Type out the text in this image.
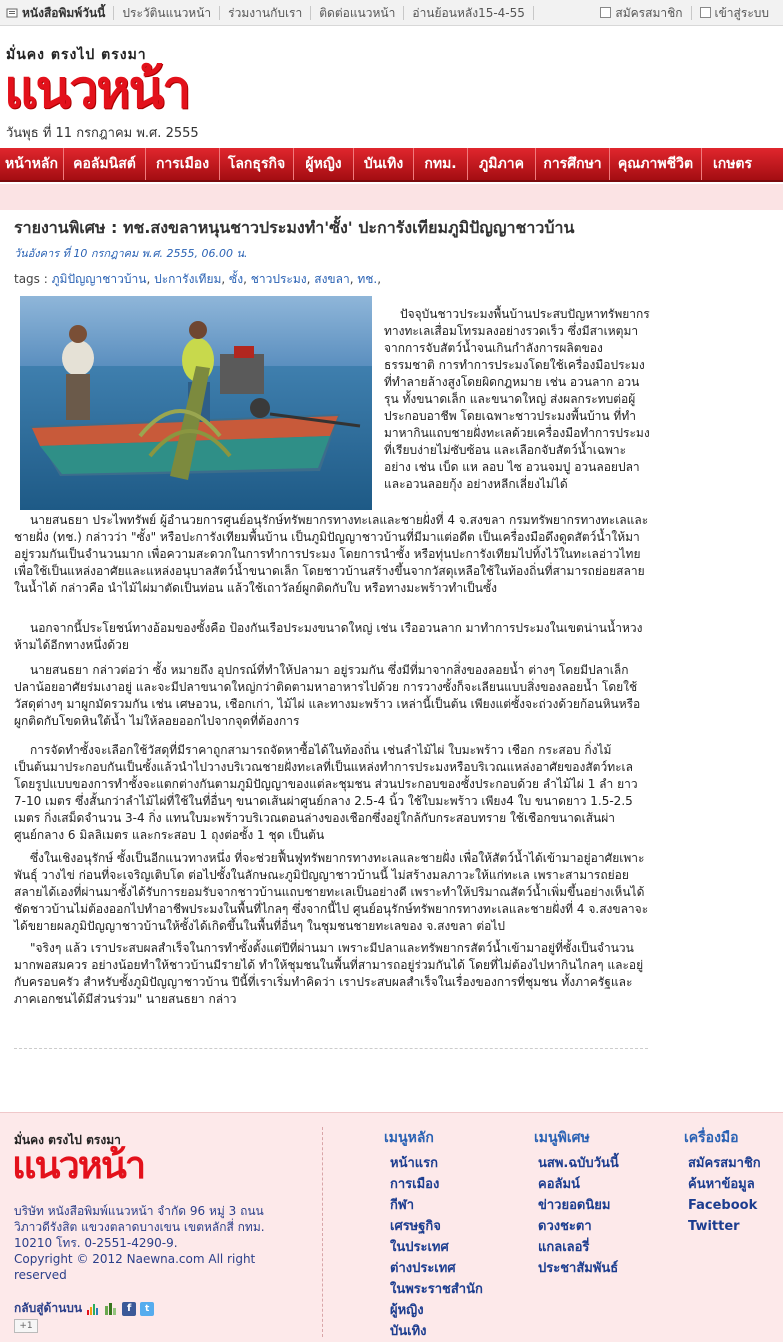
หนังสือพิมพ์วันนี้	ประวัตินแนวหน้า	ร่วมงานกับเรา	ติดต่อแนวหน้า	อ่านย้อนหลัง15-4-55	สมัครสมาชิก	เข้าสู่ระบบ
มั่นคง ตรงไป ตรงมา
แนวหน้า
วันพุธ ที่ 11 กรกฎาคม พ.ศ. 2555
หน้าหลัก	คอลัมนิสต์	การเมือง	โลกธุรกิจ	ผู้หญิง	บันเทิง	กทม.	ภูมิภาค	การศึกษา	คุณภาพชีวิต	เกษตร
รายงานพิเศษ : ทช.สงขลาหนุนชาวประมงทำ'ซั้ง' ปะการังเทียมภูมิปัญญาชาวบ้าน
วันอังคาร ที่ 10 กรกฎาคม พ.ศ. 2555, 06.00 น.
tags : ภูมิปัญญาชาวบ้าน, ปะการังเทียม, ซั้ง, ชาวประมง, สงขลา, ทช.,
ปัจจุบันชาวประมงพื้นบ้านประสบปัญหาทรัพยากรทางทะเลเสื่อมโทรมลงอย่างรวดเร็ว ซึ่งมีสาเหตุมาจากการจับสัตว์น้ำจนเกินกำลังการผลิตของธรรมชาติ การทำการประมงโดยใช้เครื่องมือประมงที่ทำลายล้างสูงโดยผิดกฎหมาย เช่น อวนลาก อวนรุน ทั้งขนาดเล็ก และขนาดใหญ่ ส่งผลกระทบต่อผู้ประกอบอาชีพ โดยเฉพาะชาวประมงพื้นบ้าน ที่ทำมาหากินแถบชายฝั่งทะเลด้วยเครื่องมือทำการประมงที่เรียบง่ายไม่ซับซ้อน และเลือกจับสัตว์น้ำเฉพาะอย่าง เช่น เบ็ด แห ลอบ ไซ อวนจมปู อวนลอยปลา และอวนลอยกุ้ง อย่างหลีกเลี่ยงไม่ได้
นายสนธยา ประไพทรัพย์ ผู้อำนวยการศูนย์อนุรักษ์ทรัพยากรทางทะเลและชายฝั่งที่ 4 จ.สงขลา กรมทรัพยากรทางทะเลและชายฝั่ง (ทช.) กล่าวว่า "ซั้ง" หรือปะการังเทียมพื้นบ้าน เป็นภูมิปัญญาชาวบ้านที่มีมาแต่อดีต เป็นเครื่องมือดึงดูดสัตว์น้ำให้มาอยู่รวมกันเป็นจำนวนมาก เพื่อความสะดวกในการทำการประมง โดยการนำซั้ง หรือทุ่นปะการังเทียมไปทิ้งไว้ในทะเลอ่าวไทยเพื่อใช้เป็นแหล่งอาศัยและแหล่งอนุบาลสัตว์น้ำขนาดเล็ก โดยชาวบ้านสร้างขึ้นจากวัสดุเหลือใช้ในท้องถิ่นที่สามารถย่อยสลายในน้ำได้ กล่าวคือ นำไม้ไผ่มาตัดเป็นท่อน แล้วใช้เถาวัลย์ผูกติดกับใบ หรือทางมะพร้าวทำเป็นซั้ง
นอกจากนี้ประโยชน์ทางอ้อมของซั้งคือ ป้องกันเรือประมงขนาดใหญ่ เช่น เรืออวนลาก มาทำการประมงในเขตน่านน้ำหวงห้ามได้อีกทางหนึ่งด้วย
นายสนธยา กล่าวต่อว่า ซั้ง หมายถึง อุปกรณ์ที่ทำให้ปลามา อยู่รวมกัน ซึ่งมีที่มาจากสิ่งของลอยน้ำ ต่างๆ โดยมีปลาเล็กปลาน้อยอาศัยร่มเงาอยู่ และจะมีปลาขนาดใหญ่กว่าติดตามหาอาหารไปด้วย การวางซั้งก็จะเลียนแบบสิ่งของลอยน้ำ โดยใช้วัสดุต่างๆ มาผูกมัดรวมกัน เช่น เศษอวน, เชือกเก่า, ไม้ไผ่ และทางมะพร้าว เหล่านี้เป็นต้น เพียงแต่ซั้งจะถ่วงด้วยก้อนหินหรือผูกติดกับโขดหินใต้น้ำ ไม่ให้ลอยออกไปจากจุดที่ต้องการ
การจัดทำซั้งจะเลือกใช้วัสดุที่มีราคาถูกสามารถจัดหาซื้อได้ในท้องถิ่น เช่นลำไม้ไผ่ ใบมะพร้าว เชือก กระสอบ กิ่งไม้ เป็นต้นมาประกอบกันเป็นซั้งแล้วนำไปวางบริเวณชายฝั่งทะเลที่เป็นแหล่งทำการประมงหรือบริเวณแหล่งอาศัยของสัตว์ทะเล โดยรูปแบบของการทำซั้งจะแตกต่างกันตามภูมิปัญญาของแต่ละชุมชน ส่วนประกอบของซั้งประกอบด้วย ลำไม้ไผ่ 1 ลำ ยาว 7-10 เมตร ซึ่งสั้นกว่าลำไม้ไผ่ที่ใช้ในที่อื่นๆ ขนาดเส้นผ่าศูนย์กลาง 2.5-4 นิ้ว ใช้ใบมะพร้าว เพียง4 ใบ ขนาดยาว 1.5-2.5 เมตร กิ่งเสม็ดจำนวน 3-4 กิ่ง แทนใบมะพร้าวบริเวณตอนล่างของเชือกซึ่งอยู่ใกล้กับกระสอบทราย ใช้เชือกขนาดเส้นผ่าศูนย์กลาง 6 มิลลิเมตร และกระสอบ 1 ถุงต่อซั้ง 1 ชุด เป็นต้น
ซึ่งในเชิงอนุรักษ์ ซั้งเป็นอีกแนวทางหนึ่ง ที่จะช่วยฟื้นฟูทรัพยากรทางทะเลและชายฝั่ง เพื่อให้สัตว์น้ำได้เข้ามาอยู่อาศัยเพาะพันธุ์ วางไข่ ก่อนที่จะเจริญเติบโต ต่อไปซั้งในลักษณะภูมิปัญญาชาวบ้านนี้ ไม่สร้างมลภาวะให้แก่ทะเล เพราะสามารถย่อยสลายได้เองที่ผ่านมาซั้งได้รับการยอมรับจากชาวบ้านแถบชายทะเลเป็นอย่างดี เพราะทำให้ปริมาณสัตว์น้ำเพิ่มขึ้นอย่างเห็นได้ชัดชาวบ้านไม่ต้องออกไปทำอาชีพประมงในพื้นที่ไกลๆ ซึ่งจากนี้ไป ศูนย์อนุรักษ์ทรัพยากรทางทะเลและชายฝั่งที่ 4 จ.สงขลาจะได้ขยายผลภูมิปัญญาชาวบ้านให้ซั้งได้เกิดขึ้นในพื้นที่อื่นๆ ในชุมชนชายทะเลของ จ.สงขลา ต่อไป
"จริงๆ แล้ว เราประสบผลสำเร็จในการทำซั้งตั้งแต่ปีที่ผ่านมา เพราะมีปลาและทรัพยากรสัตว์น้ำเข้ามาอยู่ที่ซั้งเป็นจำนวนมากพอสมควร อย่างน้อยทำให้ชาวบ้านมีรายได้ ทำให้ชุมชนในพื้นที่สามารถอยู่ร่วมกันได้ โดยที่ไม่ต้องไปหากินไกลๆ และอยู่กับครอบครัว สำหรับซั้งภูมิปัญญาชาวบ้าน ปีนี้ที่เราเริ่มทำคิดว่า เราประสบผลสำเร็จในเรื่องของการที่ชุมชน ทั้งภาครัฐและภาคเอกชนได้มีส่วนร่วม" นายสนธยา กล่าว
มั่นคง ตรงไป ตรงมา
แนวหน้า
บริษัท หนังสือพิมพ์แนวหน้า จำกัด 96 หมู่ 3 ถนนวิภาวดีรังสิต แขวงตลาดบางเขน เขตหลักสี่ กทม. 10210 โทร. 0-2551-4290-9.
Copyright © 2012 Naewna.com All right reserved
กลับสู่ด้านบน	f	t
+1
เมนูหลัก
หน้าแรก
การเมือง
กีฬา
เศรษฐกิจ
ในประเทศ
ต่างประเทศ
ในพระราชสำนัก
ผู้หญิง
บันเทิง
เมนูพิเศษ
นสพ.ฉบับวันนี้
คอลัมน์
ข่าวยอดนิยม
ดวงชะตา
แกลเลอรี่
ประชาสัมพันธ์
เครื่องมือ
สมัครสมาชิก
ค้นหาข้อมูล
Facebook
Twitter
